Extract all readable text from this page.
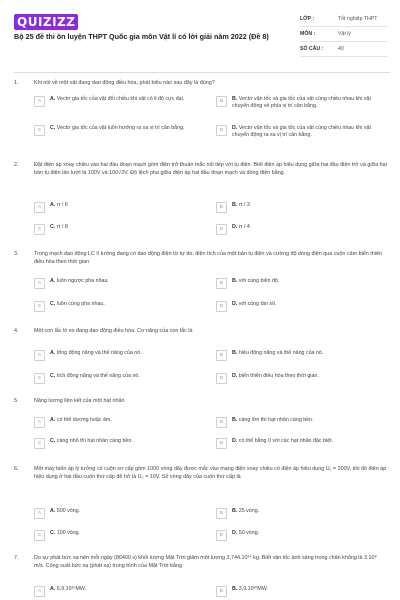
QUIZIZZ
Bộ 25 đề thi ôn luyện THPT Quốc gia môn Vật lí có lời giải năm 2022 (Đề 8)
LỚP :	Tốt nghiệp THPT
MÔN :	Vật lý
SỐ CÂU :	40
1.	Khi nói về một vật đang dao động điều hòa, phát biểu nào sau đây là đúng?
A	A. Vectơ gia tốc của vật đổi chiều khi vật có li độ cực đại.	B	B. Vectơ vận tốc và gia tốc của vật cùng chiều nhau khi vật chuyển động về phía vị trí cân bằng.
C	C. Vectơ gia tốc của vật luôn hướng ra xa vị trí cân bằng.	D	D. Vectơ vận tốc và gia tốc của vật cùng chiều nhau khi vật chuyển động ra xa vị trí cân bằng.
2.	Đặt điện áp xoay chiều vào hai đầu đoạn mạch gồm điện trở thuần mắc nối tiếp với tụ điện. Biết điện áp hiệu dụng giữa hai đầu điện trở và giữa hai bản tụ điện lần lượt là 100V và 100√3V. Độ lệch pha giữa điện áp hai đầu đoạn mạch và dòng điện bằng
A	A. π / 6	B	B. π / 3
C	C. π / 8	D	D. π / 4
3.	Trong mạch dao động LC lí tưởng đang có dao động điện từ tự do, điện tích của một bản tụ điện và cường độ dòng điện qua cuộn cảm biến thiên điều hòa theo thời gian
A	A. luôn ngược pha nhau.	B	B. với cùng biên độ.
C	C. luôn cùng pha nhau.	D	D. với cùng tần số.
4.	Một con lắc lò xo đang dao động điều hòa. Cơ năng của con lắc là
A	A. tổng động năng và thế năng của nó.	B	B. hiệu động năng và thế năng của nó.
C	C. tích động năng và thế năng của nó.	D	D. biến thiên điều hòa theo thời gian.
5.	Năng lượng liên kết của một hạt nhân
A	A. có thể dương hoặc âm.	B	B. càng lớn thì hạt nhân càng bền.
C	C. càng nhỏ thì hạt nhân càng bền.	D	D. có thể bằng 0 với các hạt nhân đặc biệt.
6.	Một máy biến áp lý tưởng có cuộn sơ cấp gồm 1000 vòng dây được mắc vào mạng điện xoay chiều có điện áp hiệu dụng U₁ = 200V, khi đó điện áp hiệu dụng ở hai đầu cuộn thứ cấp để hở là U₂ = 10V. Số vòng dây của cuộn thứ cấp là
A	A. 500 vòng.	B	B. 25 vòng.
C	C. 100 vòng.	D	D. 50 vòng.
7.	Do sự phát bức xạ nên mỗi ngày (86400 s) khối lượng Mặt Trời giảm một lượng 3,744.10¹⁴ kg. Biết vận tốc ánh sáng trong chân không là 3.10⁸ m/s. Công suất bức xạ (phát xạ) trung bình của Mặt Trời bằng
A	A. 6,9.10¹⁵MW.	B	B. 3,9.10²⁰MW.
